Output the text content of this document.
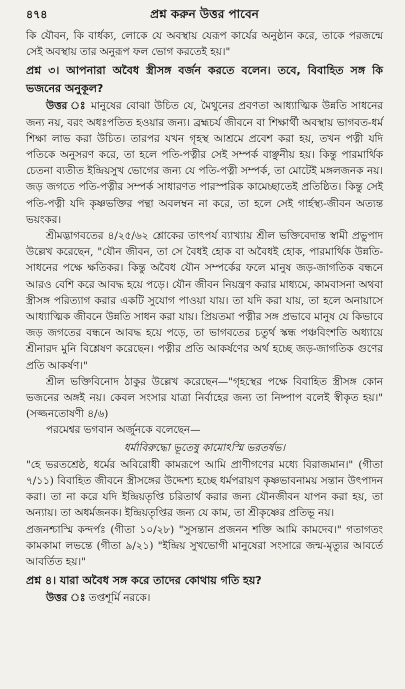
৪৭৪	প্রশ্ন করুন উত্তর পাবেন

কি যৌবন, কি বার্ধক্য, লোকে যে অবস্থায় যেরূপ কার্যের অনুষ্ঠান করে, তাকে পরজন্মে সেই অবস্থায় তার অনুরূপ ফল ভোগ করতেই হয়।"

প্রশ্ন ৩। আপনারা অবৈধ স্ত্রীসঙ্গ বর্জন করতে বলেন। তবে, বিবাহিত সঙ্গ কি ভজনের অনুকূল?

উত্তর ঃ মানুষের বোঝা উচিত যে, মৈথুনের প্রবণতা আধ্যাত্মিক উন্নতি সাধনের জন্য নয়, বরং অধঃপতিত হওয়ার জন্য। ব্রহ্মচর্য জীবনে বা শিক্ষার্থী অবস্থায় ভাগবত-ধর্ম শিক্ষা লাভ করা উচিত। তারপর যখন গৃহস্থ আশ্রমে প্রবেশ করা হয়, তখন পত্নী যদি পতিকে অনুসরণ করে, তা হলে পতি-পত্নীর সেই সম্পর্ক বাঞ্ছনীয় হয়। কিন্তু পারমার্থিক চেতনা ব্যতীত ইন্দ্রিয়সুখ ভোগের জন্য যে পতি-পত্নী সম্পর্ক, তা মোটেই মঙ্গলজনক নয়। জড় জগতে পতি-পত্নীর সম্পর্ক সাধারণত পারস্পরিক কামেচ্ছাতেই প্রতিষ্ঠিত। কিন্তু সেই পতি-পত্নী যদি কৃষ্ণভক্তির পন্থা অবলম্বন না করে, তা হলে সেই গার্হস্থ্য-জীবন অত্যন্ত ভয়ংকর।

শ্রীমদ্ভাগবতের ৪/২৫/৬২ শ্লোকের তাৎপর্য ব্যাখ্যায় শ্রীল ভক্তিবেদান্ত স্বামী প্রভুপাদ উল্লেখ করেছেন, "যৌন জীবন, তা সে বৈধই হোক বা অবৈধই হোক, পারমার্থিক উন্নতি-সাধনের পক্ষে ক্ষতিকর। কিন্তু অবৈধ যৌন সম্পর্কের ফলে মানুষ জড়-জাগতিক বন্ধনে আরও বেশি করে আবদ্ধ হয়ে পড়ে। যৌন জীবন নিয়ন্ত্রণ করার মাধ্যমে, কামবাসনা অথবা স্ত্রীসঙ্গ পরিত্যাগ করার একটি সুযোগ পাওয়া যায়। তা যদি করা যায়, তা হলে অনায়াসে আধ্যাত্মিক জীবনে উন্নতি সাধন করা যায়। প্রিয়তমা পত্নীর সঙ্গ প্রভাবে মানুষ যে কিভাবে জড় জগতের বন্ধনে আবদ্ধ হয়ে পড়ে, তা ভাগবতের চতুর্থ স্কন্ধ পঞ্চবিংশতি অধ্যায়ে শ্রীনারদ মুনি বিশ্লেষণ করেছেন। পত্নীর প্রতি আকর্ষণের অর্থ হচ্ছে জড়-জাগতিক গুণের প্রতি আকর্ষণ।"

শ্রীল ভক্তিবিনোদ ঠাকুর উল্লেখ করেছেন—"গৃহস্থের পক্ষে বিবাহিত স্ত্রীসঙ্গ কোন ভজনের অঙ্গই নয়। কেবল সংসার যাত্রা নির্বাহের জন্য তা নিষ্পাপ বলেই স্বীকৃত হয়।" (সজ্জনতোষণী ৪/৬)

পরমেশ্বর ভগবান অর্জুনকে বলেছেন—

ধর্মাবিরুদ্ধো ভূতেষু কামোঽস্মি ভরতর্ষভ।

"হে ভরতশ্রেষ্ঠ, ধর্মের অবিরোধী কামরূপে আমি প্রাণীগণের মধ্যে বিরাজমান।" (গীতা ৭/১১) বিবাহিত জীবনে স্ত্রীসঙ্গের উদ্দেশ্য হচ্ছে ধর্মপরায়ণ কৃষ্ণভাবনাময় সন্তান উৎপাদন করা। তা না করে যদি ইন্দ্রিয়তৃপ্তি চরিতার্থ করার জন্য যৌনজীবন যাপন করা হয়, তা অন্যায়। তা অধর্মজনক। ইন্দ্রিয়তৃপ্তির জন্য যে কাম, তা শ্রীকৃষ্ণের প্রতিভূ নয়।

প্রজনশ্চাস্মি কন্দর্পঃ (গীতা ১০/২৮) "সুসন্তান প্রজনন শক্তি আমি কামদেব।" গতাগতং কামকামা লভন্তে (গীতা ৯/২১) "ইন্দ্রিয় সুখভোগী মানুষেরা সংসারে জন্ম-মৃত্যুর আবর্তে আবর্তিত হয়।"

প্রশ্ন ৪। যারা অবৈধ সঙ্গ করে তাদের কোথায় গতি হয়?

উত্তর ঃ তপ্তশূর্মি নরকে।
